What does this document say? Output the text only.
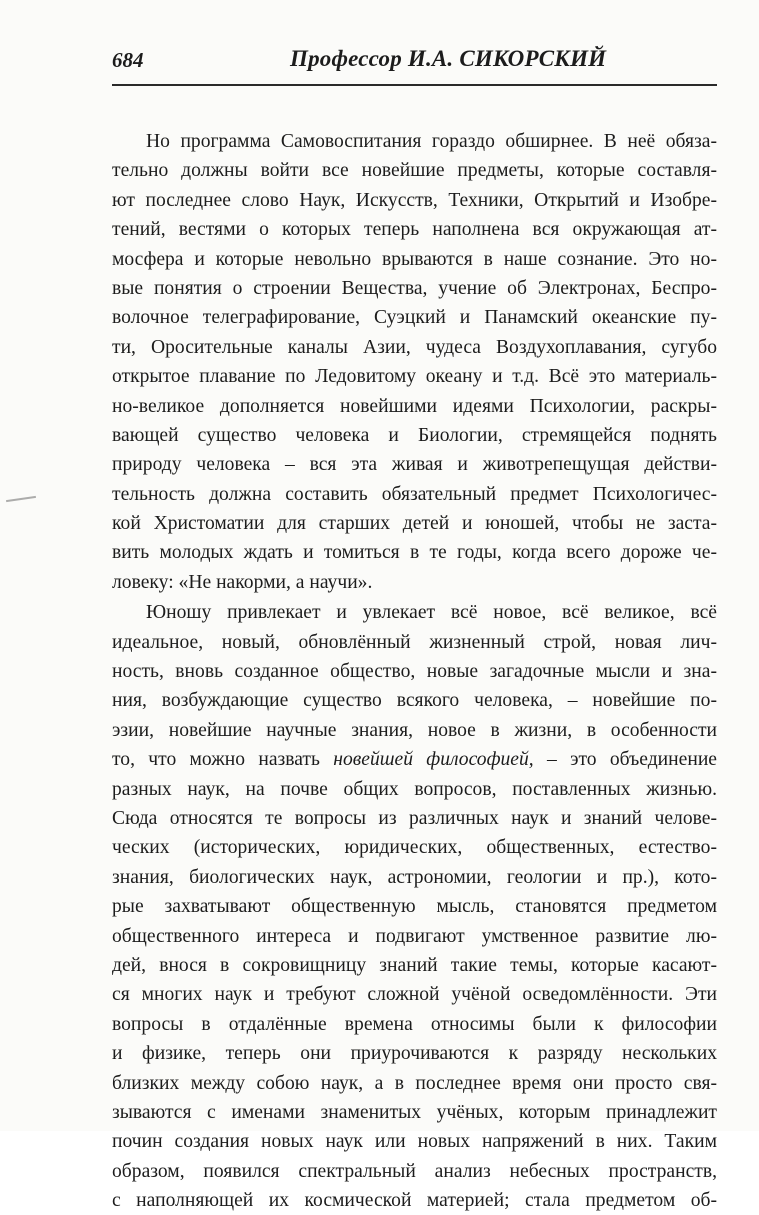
684	Профессор И.А. СИКОРСКИЙ
Но программа Самовоспитания гораздо обширнее. В неё обяза-
тельно должны войти все новейшие предметы, которые составля-
ют последнее слово Наук, Искусств, Техники, Открытий и Изобре-
тений, вестями о которых теперь наполнена вся окружающая ат-
мосфера и которые невольно врываются в наше сознание. Это но-
вые понятия о строении Вещества, учение об Электронах, Беспро-
волочное телеграфирование, Суэцкий и Панамский океанские пу-
ти, Оросительные каналы Азии, чудеса Воздухоплавания, сугубо
открытое плавание по Ледовитому океану и т.д. Всё это материаль-
но-великое дополняется новейшими идеями Психологии, раскры-
вающей существо человека и Биологии, стремящейся поднять
природу человека – вся эта живая и животрепещущая действи-
тельность должна составить обязательный предмет Психологичес-
кой Христоматии для старших детей и юношей, чтобы не заста-
вить молодых ждать и томиться в те годы, когда всего дороже че-
ловеку: «Не накорми, а научи».
Юношу привлекает и увлекает всё новое, всё великое, всё
идеальное, новый, обновлённый жизненный строй, новая лич-
ность, вновь созданное общество, новые загадочные мысли и зна-
ния, возбуждающие существо всякого человека, – новейшие по-
эзии, новейшие научные знания, новое в жизни, в особенности
то, что можно назвать новейшей философией, – это объединение
разных наук, на почве общих вопросов, поставленных жизнью.
Сюда относятся те вопросы из различных наук и знаний челове-
ческих (исторических, юридических, общественных, естество-
знания, биологических наук, астрономии, геологии и пр.), кото-
рые захватывают общественную мысль, становятся предметом
общественного интереса и подвигают умственное развитие лю-
дей, внося в сокровищницу знаний такие темы, которые касают-
ся многих наук и требуют сложной учёной осведомлённости. Эти
вопросы в отдалённые времена относимы были к философии
и физике, теперь они приурочиваются к разряду нескольких
близких между собою наук, а в последнее время они просто свя-
зываются с именами знаменитых учёных, которым принадлежит
почин создания новых наук или новых напряжений в них. Таким
образом, появился спектральный анализ небесных пространств,
с наполняющей их космической материей; стала предметом об-
